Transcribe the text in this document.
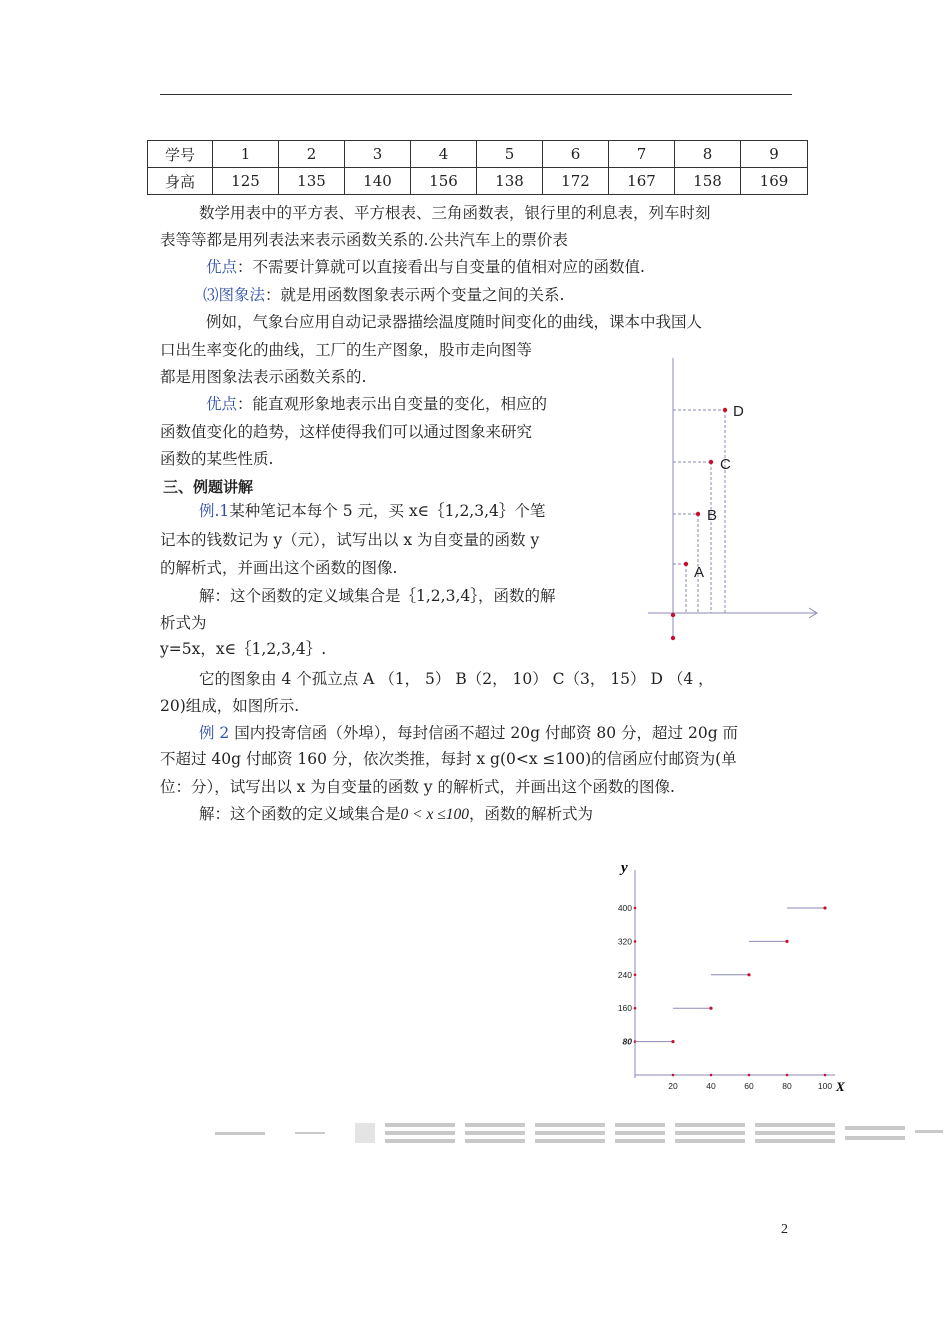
学号	1	2	3	4	5	6	7	8	9
身高	125	135	140	156	138	172	167	158	169
数学用表中的平方表、平方根表、三角函数表，银行里的利息表，列车时刻
表等等都是用列表法来表示函数关系的.公共汽车上的票价表
优点：不需要计算就可以直接看出与自变量的值相对应的函数值.
⑶图象法：就是用函数图象表示两个变量之间的关系.
例如，气象台应用自动记录器描绘温度随时间变化的曲线，课本中我国人
口出生率变化的曲线，工厂的生产图象，股市走向图等
都是用图象法表示函数关系的.
优点：能直观形象地表示出自变量的变化，相应的
函数值变化的趋势，这样使得我们可以通过图象来研究
函数的某些性质.
三、例题讲解
例.1某种笔记本每个 5 元，买 x∈｛1,2,3,4｝个笔
记本的钱数记为 y（元），试写出以 x 为自变量的函数 y
的解析式，并画出这个函数的图像.
解：这个函数的定义域集合是｛1,2,3,4｝，函数的解
析式为
y=5x，x∈｛1,2,3,4｝.
它的图象由 4 个孤立点 A （1， 5） B（2， 10） C（3， 15） D （4 ，
20)组成，如图所示.
例 2 国内投寄信函（外埠），每封信函不超过 20g 付邮资 80 分，超过 20g 而
不超过 40g 付邮资 160 分，依次类推，每封 x g(0<x ≤100)的信函应付邮资为(单
位：分），试写出以 x 为自变量的函数 y 的解析式，并画出这个函数的图像.
解：这个函数的定义域集合是0 < x ≤100，函数的解析式为
A
B
C
D
y
X
80
160
240
320
400
20	40	60	80	100
2
